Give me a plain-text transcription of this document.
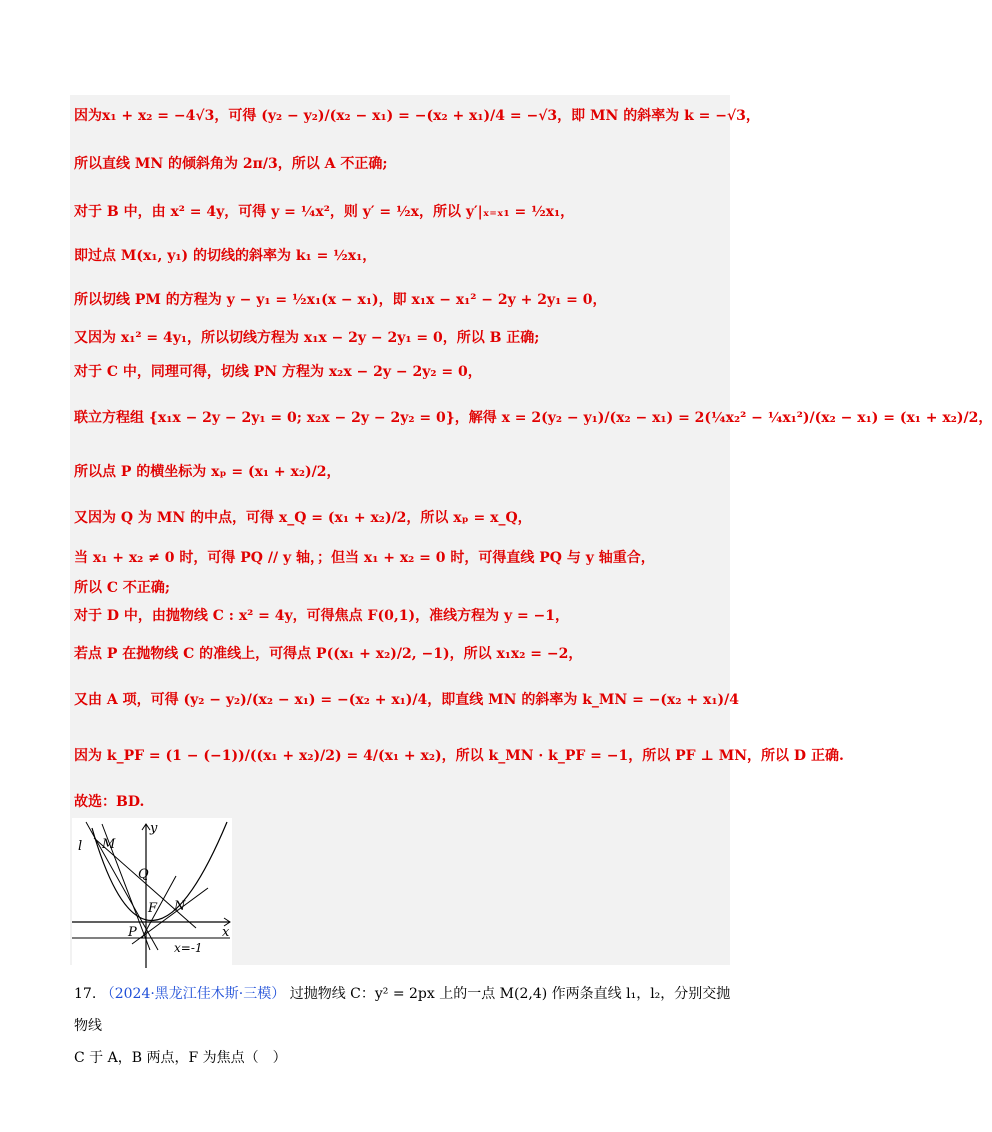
因为x₁ + x₂ = −4√3，可得 (y₂ − y₂)/(x₂ − x₁) = −(x₂ + x₁)/4 = −√3，即 MN 的斜率为 k = −√3，
所以直线 MN 的倾斜角为 2π/3，所以 A 不正确;
对于 B 中，由 x² = 4y，可得 y = ¼x²，则 y′ = ½x，所以 y′|ₓ₌ₓ₁ = ½x₁，
即过点 M(x₁, y₁) 的切线的斜率为 k₁ = ½x₁，
所以切线 PM 的方程为 y − y₁ = ½x₁(x − x₁)，即 x₁x − x₁² − 2y + 2y₁ = 0，
又因为 x₁² = 4y₁，所以切线方程为 x₁x − 2y − 2y₁ = 0，所以 B 正确;
对于 C 中，同理可得，切线 PN 方程为 x₂x − 2y − 2y₂ = 0，
联立方程组 {x₁x − 2y − 2y₁ = 0; x₂x − 2y − 2y₂ = 0}，解得 x = 2(y₂ − y₁)/(x₂ − x₁) = 2(¼x₂² − ¼x₁²)/(x₂ − x₁) = (x₁ + x₂)/2，
所以点 P 的横坐标为 xₚ = (x₁ + x₂)/2，
又因为 Q 为 MN 的中点，可得 x_Q = (x₁ + x₂)/2，所以 xₚ = x_Q，
当 x₁ + x₂ ≠ 0 时，可得 PQ // y 轴，；但当 x₁ + x₂ = 0 时，可得直线 PQ 与 y 轴重合，
所以 C 不正确;
对于 D 中，由抛物线 C : x² = 4y，可得焦点 F(0,1)，准线方程为 y = −1，
若点 P 在抛物线 C 的准线上，可得点 P((x₁ + x₂)/2, −1)，所以 x₁x₂ = −2，
又由 A 项，可得 (y₂ − y₂)/(x₂ − x₁) = −(x₂ + x₁)/4，即直线 MN 的斜率为 k_MN = −(x₂ + x₁)/4
因为 k_PF = (1 − (−1))/((x₁ + x₂)/2) = 4/(x₁ + x₂)，所以 k_MN · k_PF = −1，所以 PF ⊥ MN，所以 D 正确.
故选：BD.
y
x
l M
Q
F N
P
x=-1
17. （2024·黑龙江佳木斯·三模） 过抛物线 C：y² = 2px 上的一点 M(2,4) 作两条直线 l₁，l₂，分别交抛物线
C 于 A，B 两点，F 为焦点（　）
